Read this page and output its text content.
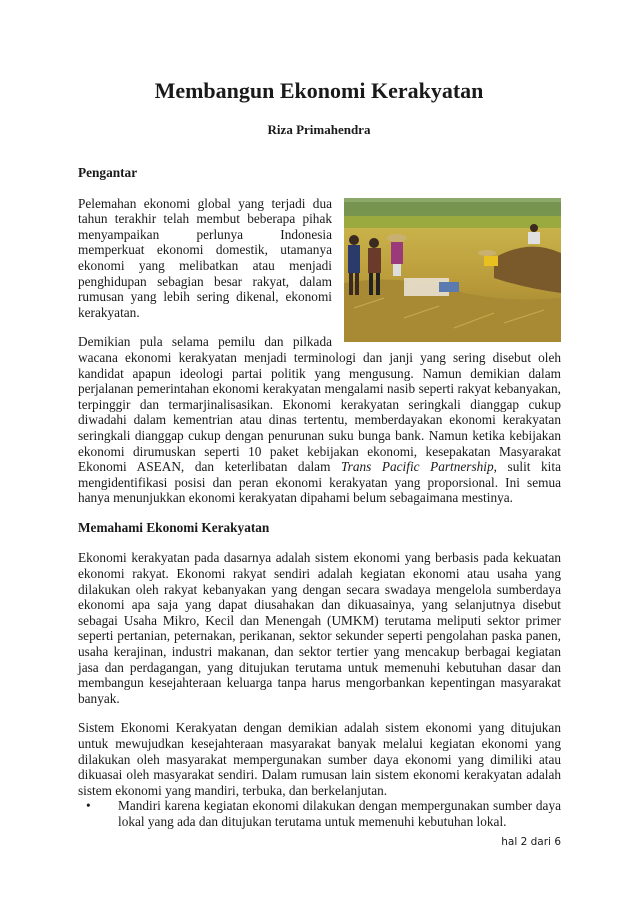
Membangun Ekonomi Kerakyatan
Riza Primahendra
Pengantar

Pelemahan ekonomi global yang terjadi dua tahun terakhir telah membut beberapa pihak menyampaikan perlunya Indonesia memperkuat ekonomi domestik, utamanya ekonomi yang melibatkan atau menjadi penghidupan sebagian besar rakyat, dalam rumusan yang lebih sering dikenal, ekonomi kerakyatan.

Demikian pula selama pemilu dan pilkada wacana ekonomi kerakyatan menjadi terminologi dan janji yang sering disebut oleh kandidat apapun ideologi partai politik yang mengusung. Namun demikian dalam perjalanan pemerintahan ekonomi kerakyatan mengalami nasib seperti rakyat kebanyakan, terpinggir dan termarjinalisasikan. Ekonomi kerakyatan seringkali dianggap cukup diwadahi dalam kementrian atau dinas tertentu, memberdayakan ekonomi kerakyatan seringkali dianggap cukup dengan penurunan suku bunga bank. Namun ketika kebijakan ekonomi dirumuskan seperti 10 paket kebijakan ekonomi, kesepakatan Masyarakat Ekonomi ASEAN, dan keterlibatan dalam Trans Pacific Partnership, sulit kita mengidentifikasi posisi dan peran ekonomi kerakyatan yang proporsional. Ini semua hanya menunjukkan ekonomi kerakyatan dipahami belum sebagaimana mestinya.

Memahami Ekonomi Kerakyatan

Ekonomi kerakyatan pada dasarnya adalah sistem ekonomi yang berbasis pada kekuatan ekonomi rakyat. Ekonomi rakyat sendiri adalah kegiatan ekonomi atau usaha yang dilakukan oleh rakyat kebanyakan yang dengan secara swadaya mengelola sumberdaya ekonomi apa saja yang dapat diusahakan dan dikuasainya, yang selanjutnya disebut sebagai Usaha Mikro, Kecil dan Menengah (UMKM) terutama meliputi sektor primer seperti pertanian, peternakan, perikanan, sektor sekunder seperti pengolahan paska panen, usaha kerajinan, industri makanan, dan sektor tertier yang mencakup berbagai kegiatan jasa dan perdagangan, yang ditujukan terutama untuk memenuhi kebutuhan dasar dan membangun kesejahteraan keluarga tanpa harus mengorbankan kepentingan masyarakat banyak.

Sistem Ekonomi Kerakyatan dengan demikian adalah sistem ekonomi yang ditujukan untuk mewujudkan kesejahteraan masyarakat banyak melalui kegiatan ekonomi yang dilakukan oleh masyarakat mempergunakan sumber daya ekonomi yang dimiliki atau dikuasai oleh masyarakat sendiri. Dalam rumusan lain sistem ekonomi kerakyatan adalah sistem ekonomi yang mandiri, terbuka, dan berkelanjutan.

• Mandiri karena kegiatan ekonomi dilakukan dengan mempergunakan sumber daya lokal yang ada dan ditujukan terutama untuk memenuhi kebutuhan lokal.
hal 2 dari 6
